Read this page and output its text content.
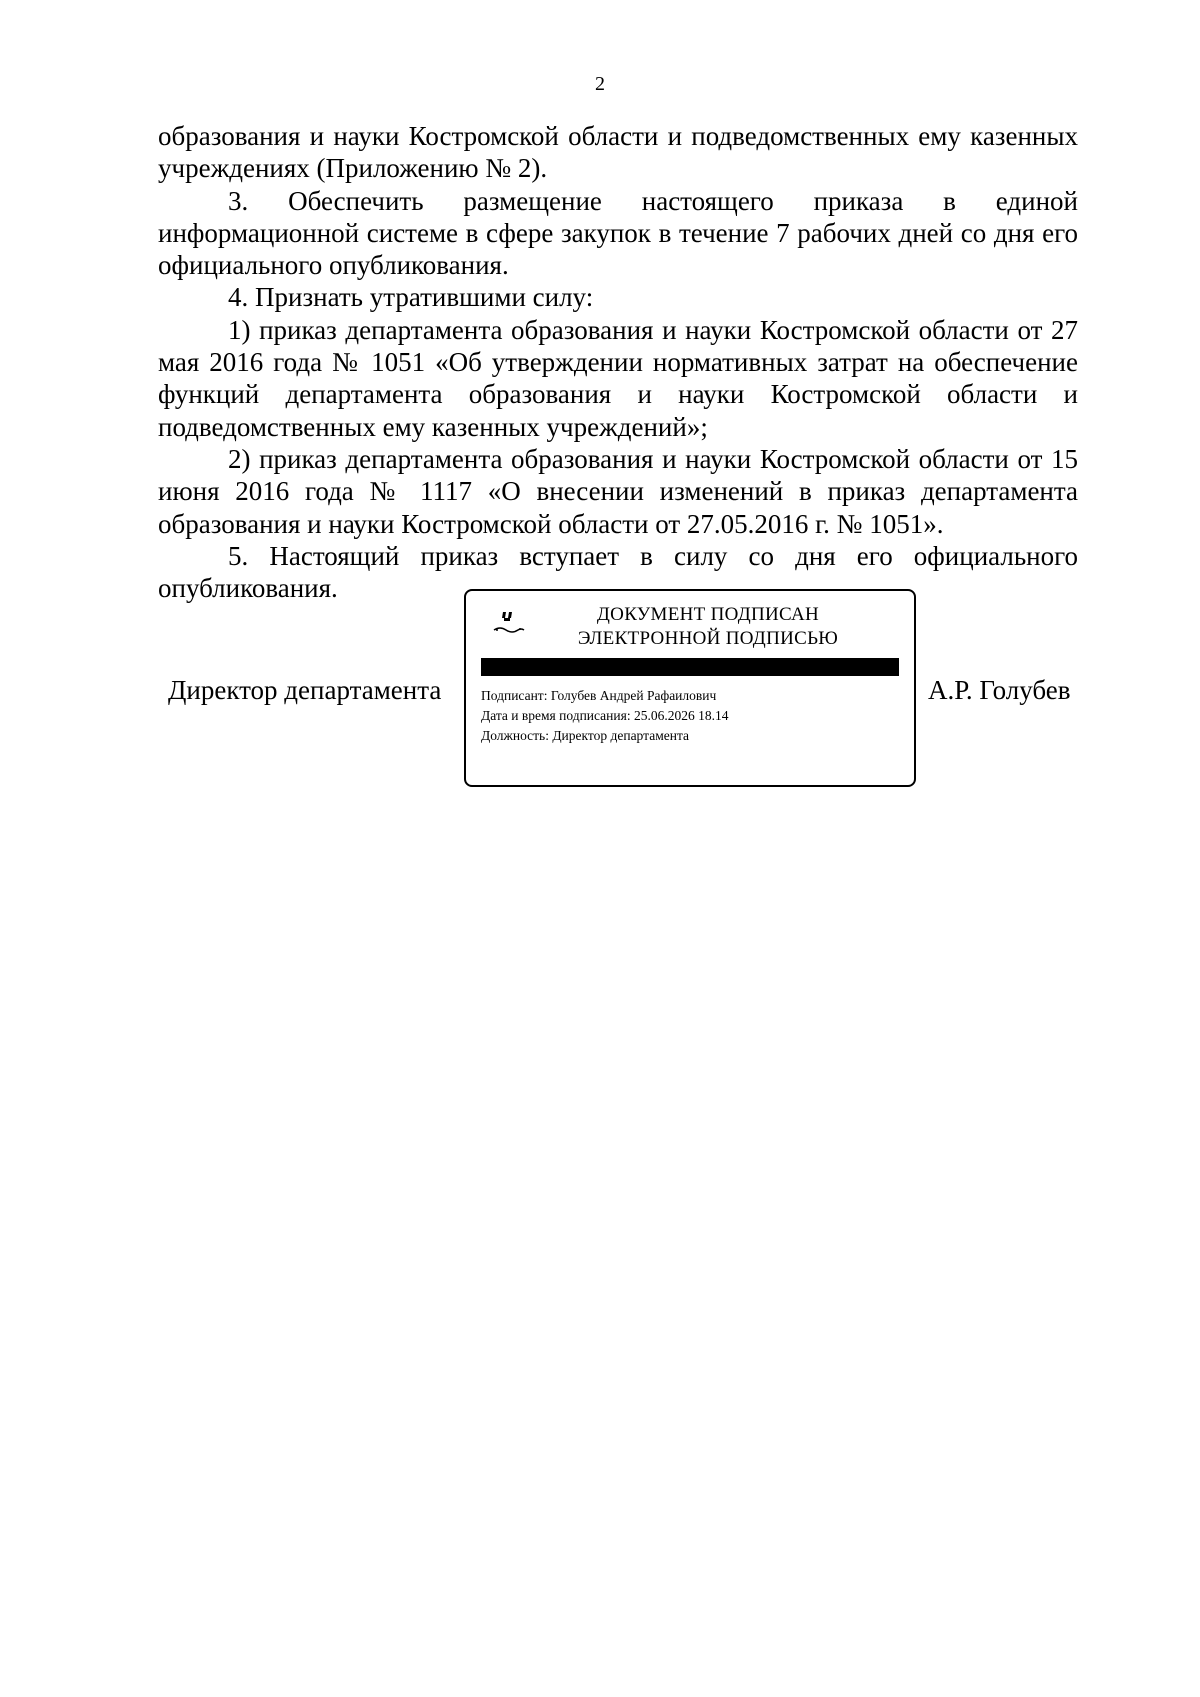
2

образования и науки Костромской области и подведомственных ему казенных учреждениях (Приложению № 2).

3. Обеспечить размещение настоящего приказа в единой информационной системе в сфере закупок в течение 7 рабочих дней со дня его официального опубликования.

4. Признать утратившими силу:

1) приказ департамента образования и науки Костромской области от 27 мая 2016 года № 1051 «Об утверждении нормативных затрат на обеспечение функций департамента образования и науки Костромской области и подведомственных ему казенных учреждений»;

2) приказ департамента образования и науки Костромской области от 15 июня 2016 года № 1117 «О внесении изменений в приказ департамента образования и науки Костромской области от 27.05.2016 г. № 1051».

5. Настоящий приказ вступает в силу со дня его официального опубликования.

Директор департамента
ДОКУМЕНТ ПОДПИСАН
ЭЛЕКТРОННОЙ ПОДПИСЬЮ
Подписант: Голубев Андрей Рафаилович
Дата и время подписания: 25.06.2026 18.14
Должность: Директор департамента
А.Р. Голубев
